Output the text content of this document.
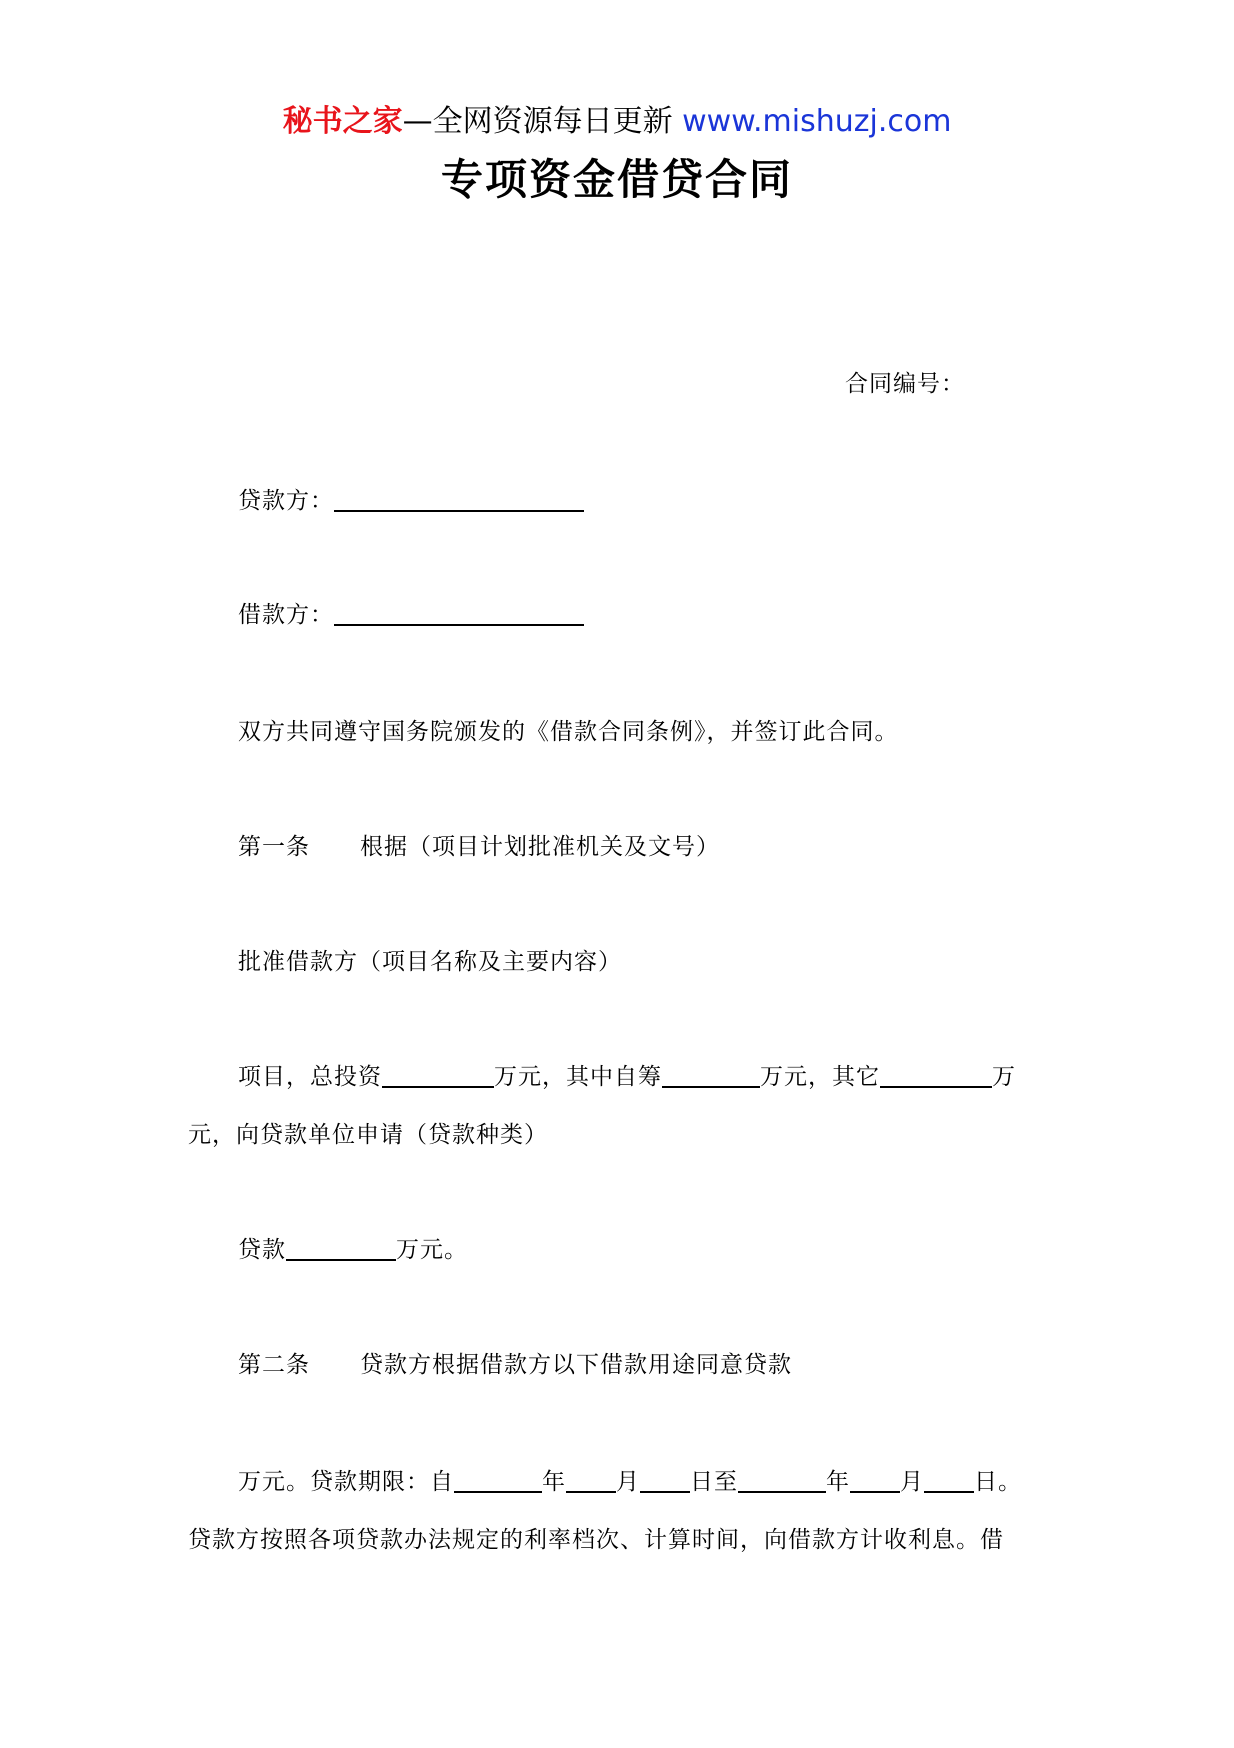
秘书之家—全网资源每日更新 www.mishuzj.com
专项资金借贷合同
合同编号：
贷款方：
借款方：
双方共同遵守国务院颁发的《借款合同条例》，并签订此合同。
第一条 根据（项目计划批准机关及文号）
批准借款方（项目名称及主要内容）
项目，总投资	万元，其中自筹	万元，其它	万
元，向贷款单位申请（贷款种类）
贷款	万元。
第二条 贷款方根据借款方以下借款用途同意贷款
万元。贷款期限：自	年 月 日至	年 月 日。
贷款方按照各项贷款办法规定的利率档次、计算时间，向借款方计收利息。借
